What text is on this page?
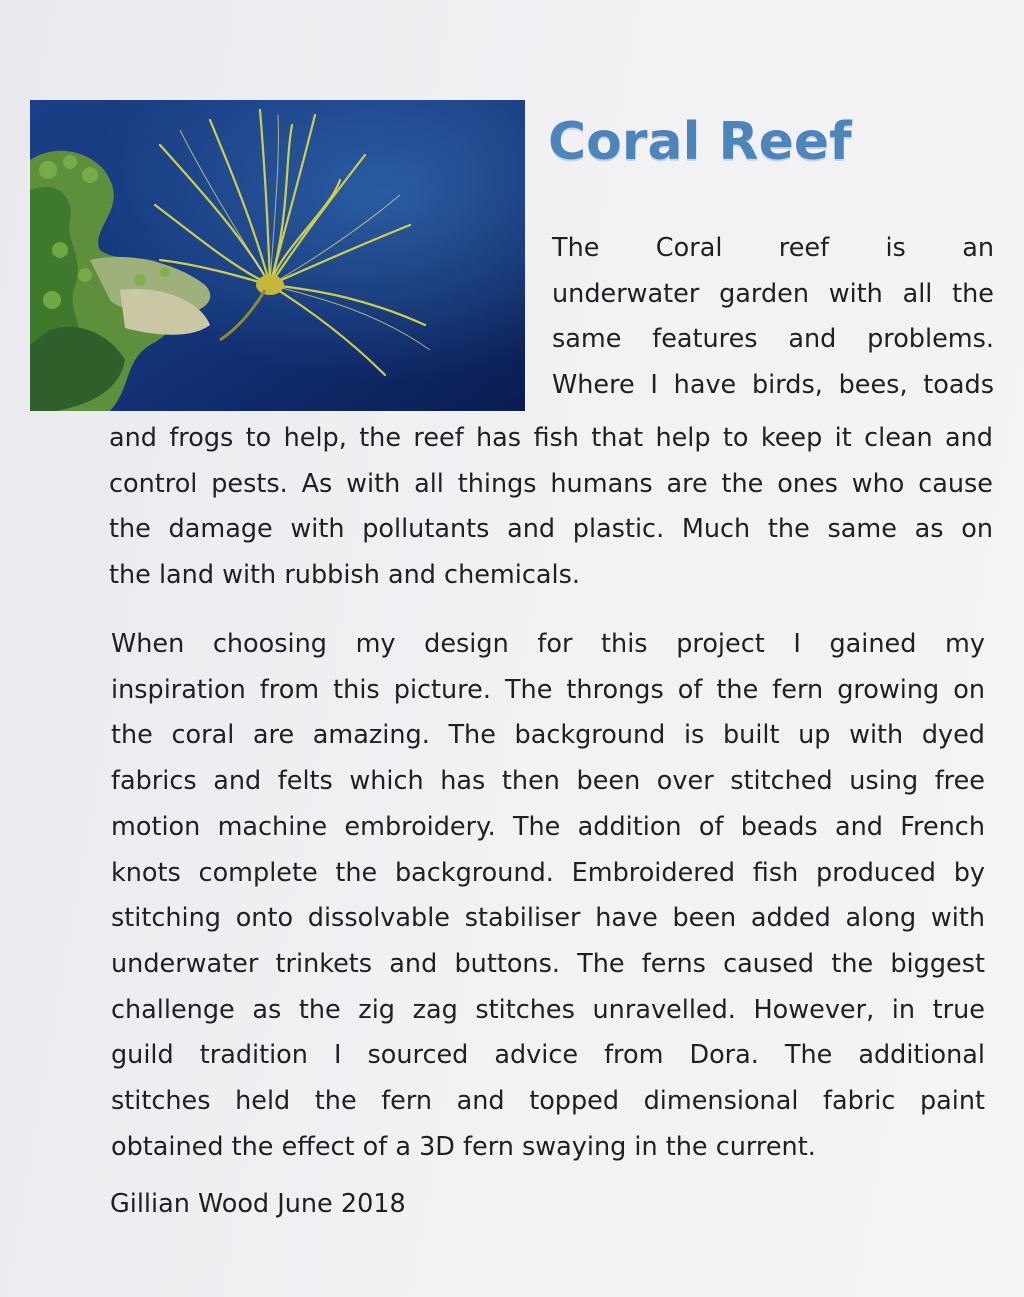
Coral Reef
The Coral reef is an
underwater garden with all the
same features and problems.
Where I have birds, bees, toads
and frogs to help, the reef has fish that help to keep it clean and
control pests. As with all things humans are the ones who cause
the damage with pollutants and plastic. Much the same as on
the land with rubbish and chemicals.
When choosing my design for this project I gained my
inspiration from this picture. The throngs of the fern growing on
the coral are amazing. The background is built up with dyed
fabrics and felts which has then been over stitched using free
motion machine embroidery. The addition of beads and French
knots complete the background. Embroidered fish produced by
stitching onto dissolvable stabiliser have been added along with
underwater trinkets and buttons. The ferns caused the biggest
challenge as the zig zag stitches unravelled. However, in true
guild tradition I sourced advice from Dora. The additional
stitches held the fern and topped dimensional fabric paint
obtained the effect of a 3D fern swaying in the current.
Gillian Wood June 2018
